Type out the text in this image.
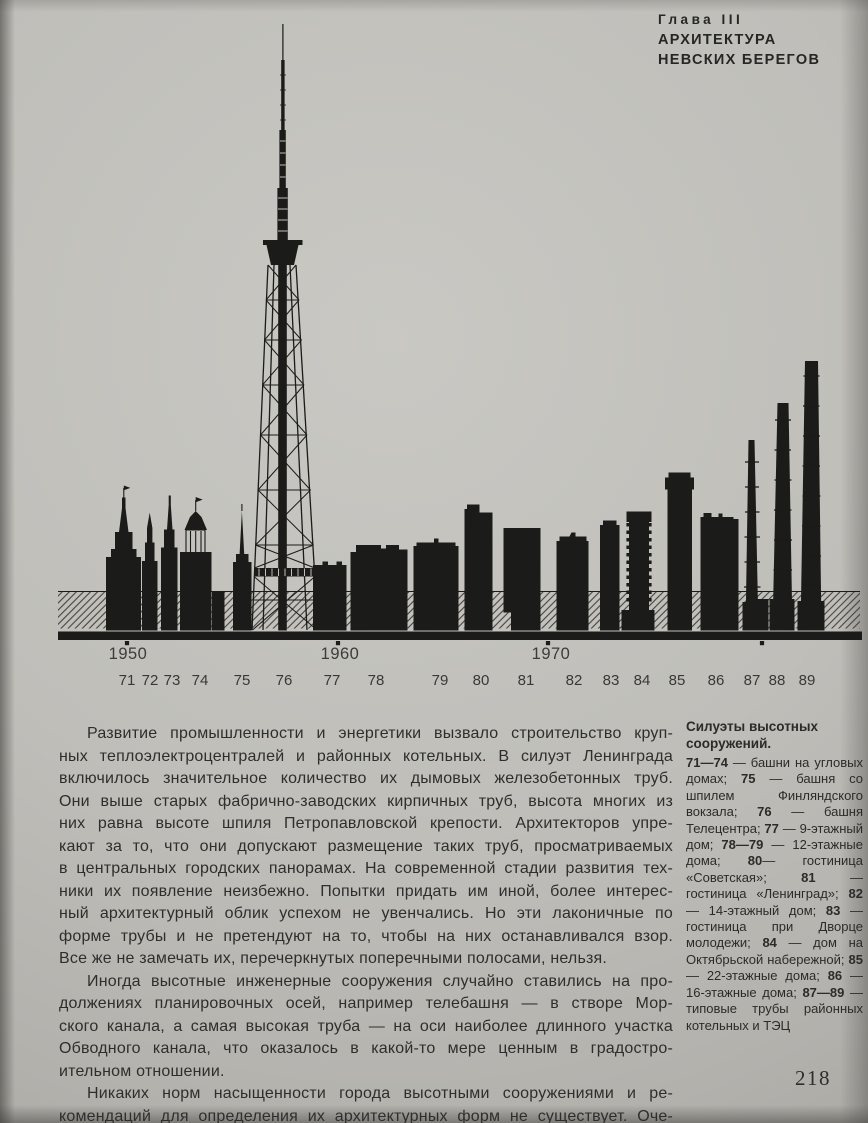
Глава III
АРХИТЕКТУРА
НЕВСКИХ БЕРЕГОВ
1950	1960	1970
71 72 73 74 75 76 77 78	79 80 81 82 83 84 85 86 87 88 89
Развитие промышленности и энергетики вызвало строительство круп-
ных теплоэлектроцентралей и районных котельных. В силуэт Ленинграда
включилось значительное количество их дымовых железобетонных труб.
Они выше старых фабрично-заводских кирпичных труб, высота многих из
них равна высоте шпиля Петропавловской крепости. Архитекторов упре-
кают за то, что они допускают размещение таких труб, просматриваемых
в центральных городских панорамах. На современной стадии развития тех-
ники их появление неизбежно. Попытки придать им иной, более интерес-
ный архитектурный облик успехом не увенчались. Но эти лаконичные по
форме трубы и не претендуют на то, чтобы на них останавливался взор.
Все же не замечать их, перечеркнутых поперечными полосами, нельзя.
Иногда высотные инженерные сооружения случайно ставились на про-
должениях планировочных осей, например телебашня — в створе Мор-
ского канала, а самая высокая труба — на оси наиболее длинного участка
Обводного канала, что оказалось в какой-то мере ценным в градостро-
ительном отношении.
Никаких норм насыщенности города высотными сооружениями и ре-
комендаций для определения их архитектурных форм не существует. Оче-
Силуэты высотных
сооружений.

71—74 — башни на угловых домах; 75 — башня со шпилем Финляндского вокзала; 76 — башня Телецентра; 77 — 9-этажный дом; 78—79 — 12-этажные дома; 80— гостиница «Советская»; 81 — гостиница «Ленинград»; 82 — 14-этажный дом; 83 — гостиница при Дворце молодежи; 84 — дом на Октябрьской набережной; 85 — 22-этажные дома; 86 — 16-этажные дома; 87—89 — типовые трубы районных котельных и ТЭЦ

218
